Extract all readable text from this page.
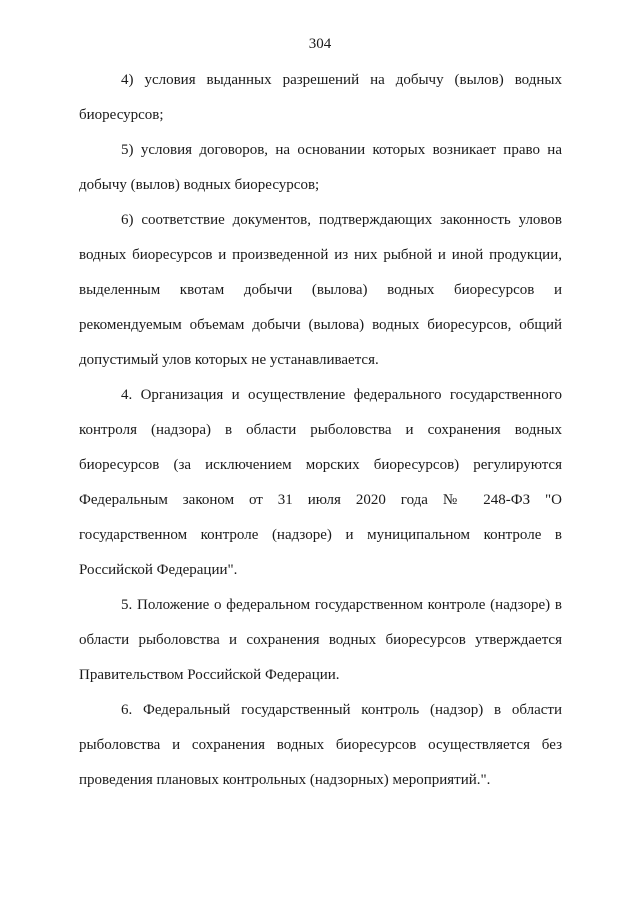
304

4) условия выданных разрешений на добычу (вылов) водных биоресурсов;

5) условия договоров, на основании которых возникает право на добычу (вылов) водных биоресурсов;

6) соответствие документов, подтверждающих законность уловов водных биоресурсов и произведенной из них рыбной и иной продукции, выделенным квотам добычи (вылова) водных биоресурсов и рекомендуемым объемам добычи (вылова) водных биоресурсов, общий допустимый улов которых не устанавливается.

4. Организация и осуществление федерального государственного контроля (надзора) в области рыболовства и сохранения водных биоресурсов (за исключением морских биоресурсов) регулируются Федеральным законом от 31 июля 2020 года № 248-ФЗ "О государственном контроле (надзоре) и муниципальном контроле в Российской Федерации".

5. Положение о федеральном государственном контроле (надзоре) в области рыболовства и сохранения водных биоресурсов утверждается Правительством Российской Федерации.

6. Федеральный государственный контроль (надзор) в области рыболовства и сохранения водных биоресурсов осуществляется без проведения плановых контрольных (надзорных) мероприятий.".
